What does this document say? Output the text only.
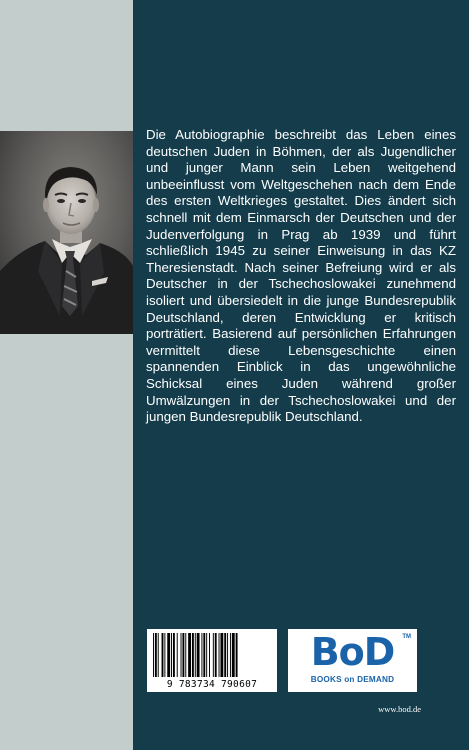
Die Autobiographie beschreibt das Leben eines deutschen Juden in Böhmen, der als Jugendlicher und junger Mann sein Leben weitgehend unbeeinflusst vom Weltgeschehen nach dem Ende des ersten Weltkrieges gestaltet. Dies ändert sich schnell mit dem Einmarsch der Deutschen und der Judenverfolgung in Prag ab 1939 und führt schließlich 1945 zu seiner Einweisung in das KZ Theresienstadt. Nach seiner Befreiung wird er als Deutscher in der Tschechoslowakei zunehmend isoliert und übersiedelt in die junge Bundesrepublik Deutschland, deren Entwicklung er kritisch porträtiert. Basierend auf persönlichen Erfahrungen vermittelt diese Lebensgeschichte einen spannenden Einblick in das ungewöhnliche Schicksal eines Juden während großer Umwälzungen in der Tschechoslowakei und der jungen Bundesrepublik Deutschland.

9 783734 790607
BoD	TM
BOOKS on DEMAND
www.bod.de
